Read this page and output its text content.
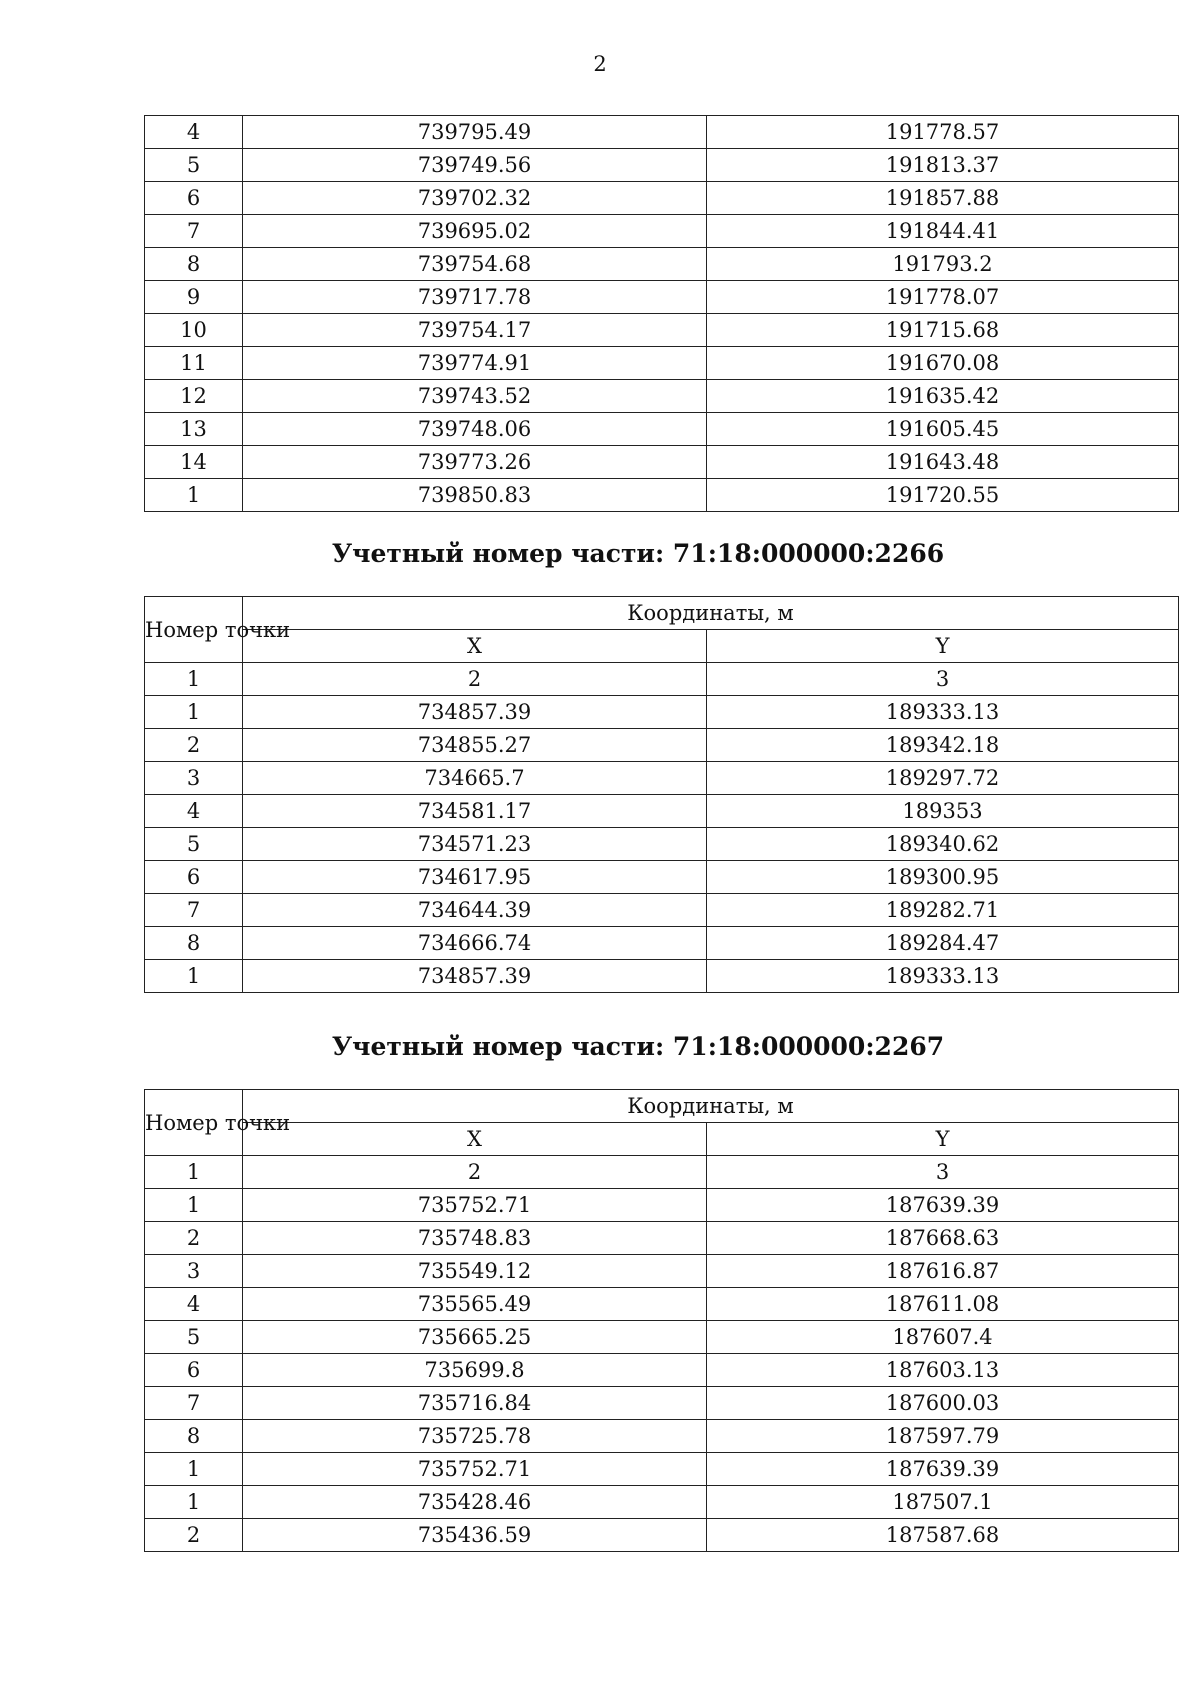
2
4	739795.49	191778.57
5	739749.56	191813.37
6	739702.32	191857.88
7	739695.02	191844.41
8	739754.68	191793.2
9	739717.78	191778.07
10	739754.17	191715.68
11	739774.91	191670.08
12	739743.52	191635.42
13	739748.06	191605.45
14	739773.26	191643.48
1	739850.83	191720.55
Учетный номер части: 71:18:000000:2266
Номер точки	Координаты, м	
	X	Y
1	2	3
1	734857.39	189333.13
2	734855.27	189342.18
3	734665.7	189297.72
4	734581.17	189353
5	734571.23	189340.62
6	734617.95	189300.95
7	734644.39	189282.71
8	734666.74	189284.47
1	734857.39	189333.13
Учетный номер части: 71:18:000000:2267
Номер точки	Координаты, м	
	X	Y
1	2	3
1	735752.71	187639.39
2	735748.83	187668.63
3	735549.12	187616.87
4	735565.49	187611.08
5	735665.25	187607.4
6	735699.8	187603.13
7	735716.84	187600.03
8	735725.78	187597.79
1	735752.71	187639.39
1	735428.46	187507.1
2	735436.59	187587.68
